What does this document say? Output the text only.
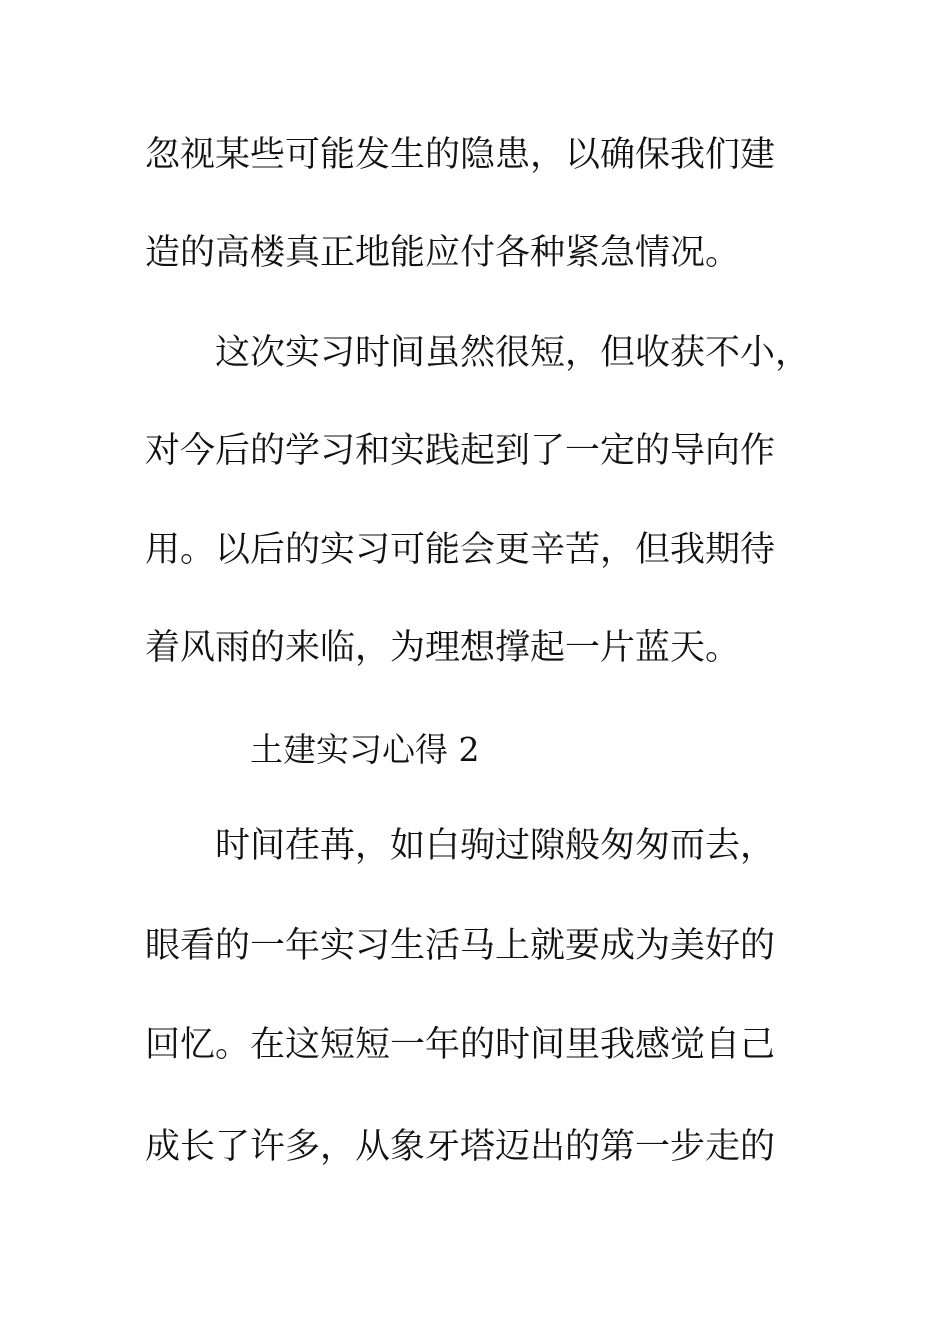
忽视某些可能发生的隐患，以确保我们建
造的高楼真正地能应付各种紧急情况。
这次实习时间虽然很短，但收获不小，
对今后的学习和实践起到了一定的导向作
用。以后的实习可能会更辛苦，但我期待
着风雨的来临，为理想撑起一片蓝天。
土建实习心得 2
时间荏苒，如白驹过隙般匆匆而去，
眼看的一年实习生活马上就要成为美好的
回忆。在这短短一年的时间里我感觉自己
成长了许多，从象牙塔迈出的第一步走的
